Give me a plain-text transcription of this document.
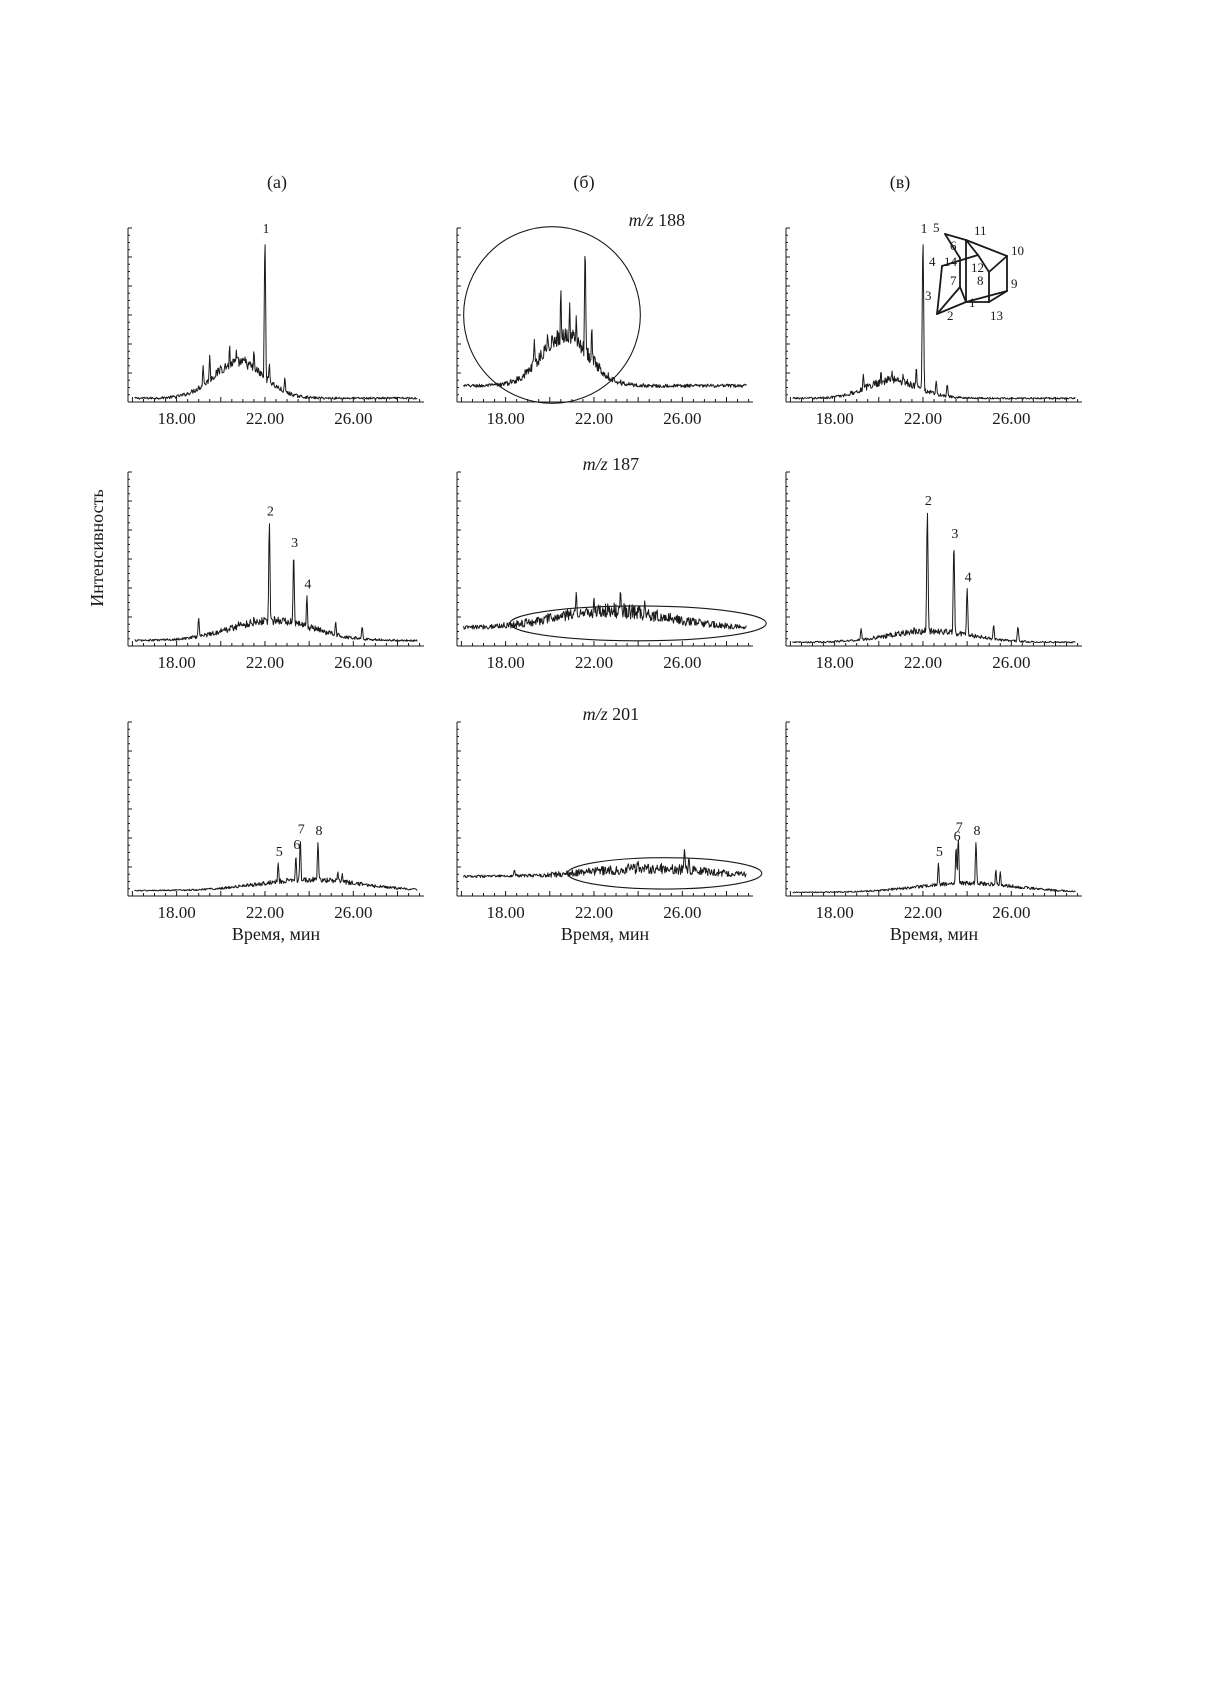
Интенсивность
(а)	(б)	(в)
18.00	22.00	26.00
1
18.00	22.00	26.00
m/z 188
18.00	22.00	26.00
1
18.00	22.00	26.00
2
3
4
18.00	22.00	26.00
m/z 187
18.00	22.00	26.00
2
3
4
18.00	22.00	26.00
5 6
7 8
Время, мин
18.00	22.00	26.00
m/z 201
Время, мин
18.00	22.00	26.00
5
6
7 8
Время, мин
5	11
6	10
4 14 12
7 8 9
3	1
2	13
